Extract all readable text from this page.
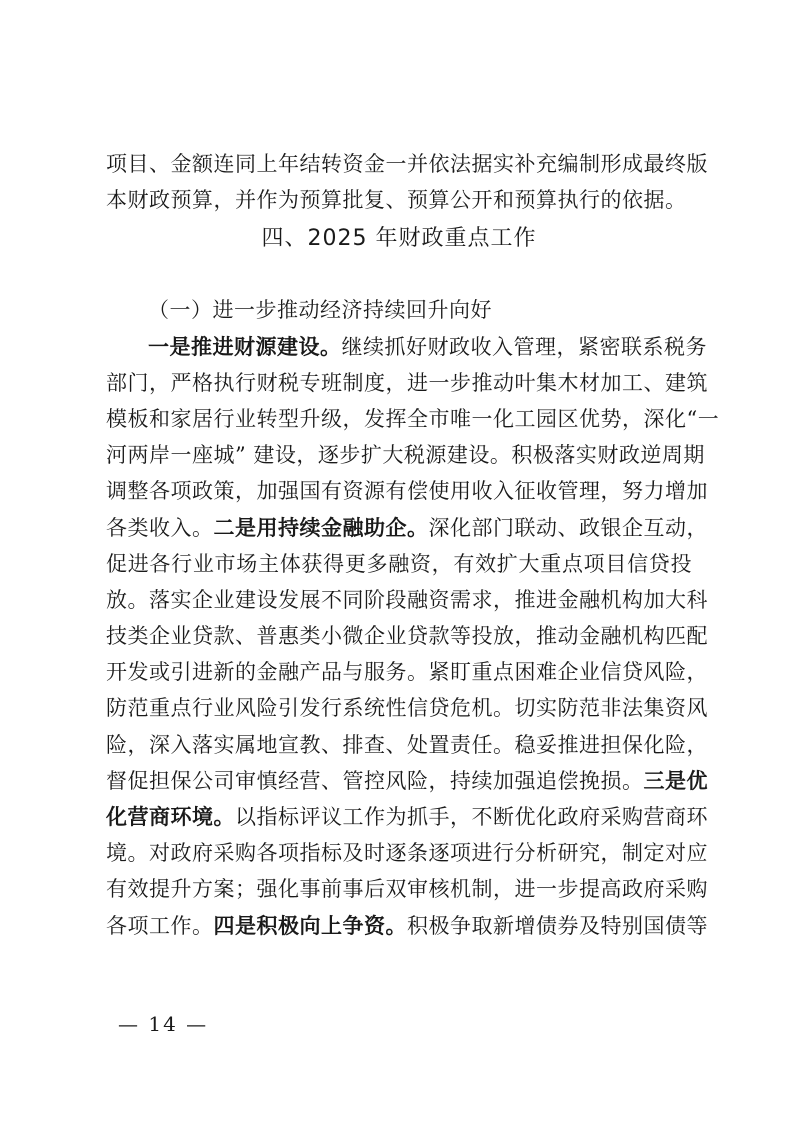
项目、金额连同上年结转资金一并依法据实补充编制形成最终版
本财政预算，并作为预算批复、预算公开和预算执行的依据。
四、2025 年财政重点工作
（一）进一步推动经济持续回升向好
一是推进财源建设。继续抓好财政收入管理，紧密联系税务
部门，严格执行财税专班制度，进一步推动叶集木材加工、建筑
模板和家居行业转型升级，发挥全市唯一化工园区优势，深化“一
河两岸一座城” 建设，逐步扩大税源建设。积极落实财政逆周期
调整各项政策，加强国有资源有偿使用收入征收管理，努力增加
各类收入。二是用持续金融助企。深化部门联动、政银企互动，
促进各行业市场主体获得更多融资，有效扩大重点项目信贷投
放。落实企业建设发展不同阶段融资需求，推进金融机构加大科
技类企业贷款、普惠类小微企业贷款等投放，推动金融机构匹配
开发或引进新的金融产品与服务。紧盯重点困难企业信贷风险，
防范重点行业风险引发行系统性信贷危机。切实防范非法集资风
险，深入落实属地宣教、排查、处置责任。稳妥推进担保化险，
督促担保公司审慎经营、管控风险，持续加强追偿挽损。三是优
化营商环境。以指标评议工作为抓手，不断优化政府采购营商环
境。对政府采购各项指标及时逐条逐项进行分析研究，制定对应
有效提升方案；强化事前事后双审核机制，进一步提高政府采购
各项工作。四是积极向上争资。积极争取新增债券及特别国债等
— 14 —
